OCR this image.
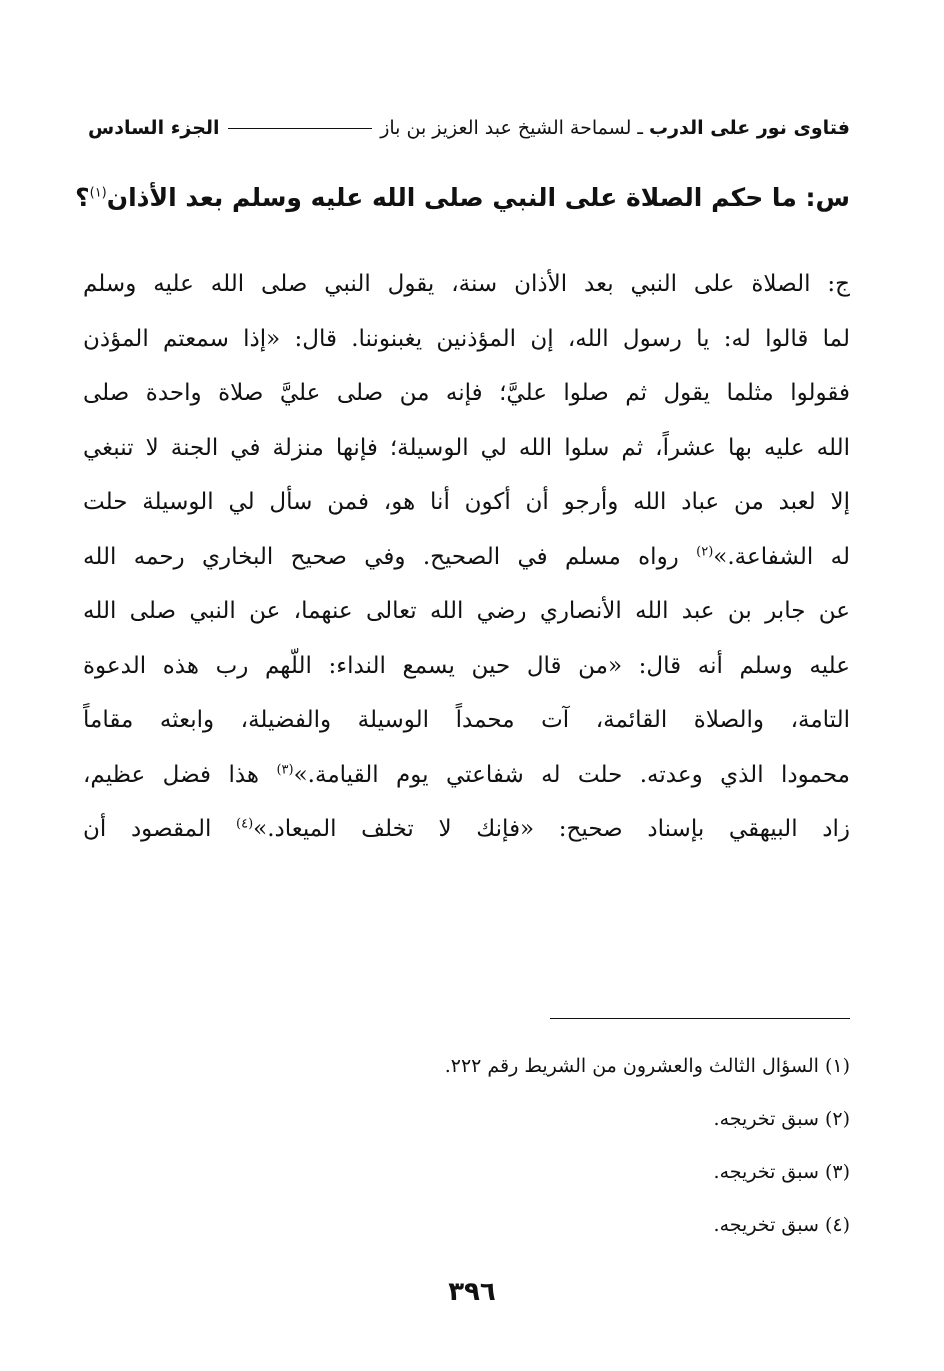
فتاوى نور على الدرب
ـ لسماحة الشيخ عبد العزيز بن باز
الجزء السادس
س: ما حكم الصلاة على النبي صلى الله عليه وسلم بعد الأذان$^{(١)}$؟
ج: الصلاة على النبي بعد الأذان سنة، يقول النبي صلى الله عليه وسلم
لما قالوا له: يا رسول الله، إن المؤذنين يغبنوننا. قال: «إذا سمعتم المؤذن
فقولوا مثلما يقول ثم صلوا عليَّ؛ فإنه من صلى عليَّ صلاة واحدة صلى
الله عليه بها عشراً، ثم سلوا الله لي الوسيلة؛ فإنها منزلة في الجنة لا تنبغي
إلا لعبد من عباد الله وأرجو أن أكون أنا هو، فمن سأل لي الوسيلة حلت
له الشفاعة.»$^{(٢)}$ رواه مسلم في الصحيح. وفي صحيح البخاري رحمه الله
عن جابر بن عبد الله الأنصاري رضي الله تعالى عنهما، عن النبي صلى الله
عليه وسلم أنه قال: «من قال حين يسمع النداء: اللّهم رب هذه الدعوة
التامة، والصلاة القائمة، آت محمداً الوسيلة والفضيلة، وابعثه مقاماً
محمودا الذي وعدته. حلت له شفاعتي يوم القيامة.»$^{(٣)}$ هذا فضل عظيم،
زاد البيهقي بإسناد صحيح: «فإنك لا تخلف الميعاد.»$^{(٤)}$ المقصود أن
(١) السؤال الثالث والعشرون من الشريط رقم ٢٢٢.
(٢) سبق تخريجه.
(٣) سبق تخريجه.
(٤) سبق تخريجه.
٣٩٦
